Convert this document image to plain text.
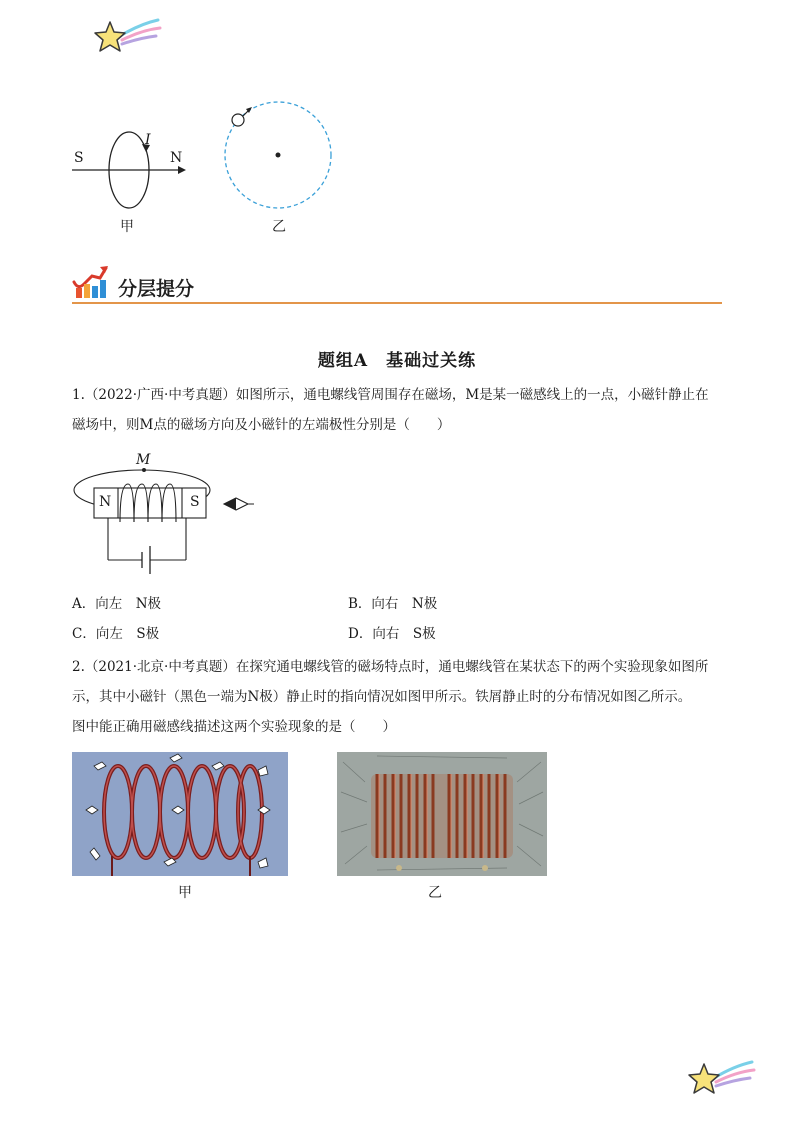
S	N
I
甲	乙
分层提分
题组A　基础过关练
1.（2022·广西·中考真题）如图所示，通电螺线管周围存在磁场，M是某一磁感线上的一点，小磁针静止在
磁场中，则M点的磁场方向及小磁针的左端极性分别是（　　）
M
N	S
A．向左　N极	B．向右　N极
C．向左　S极	D．向右　S极
2.（2021·北京·中考真题）在探究通电螺线管的磁场特点时，通电螺线管在某状态下的两个实验现象如图所
示，其中小磁针（黑色一端为N极）静止时的指向情况如图甲所示。铁屑静止时的分布情况如图乙所示。
图中能正确用磁感线描述这两个实验现象的是（　　）
甲	乙
